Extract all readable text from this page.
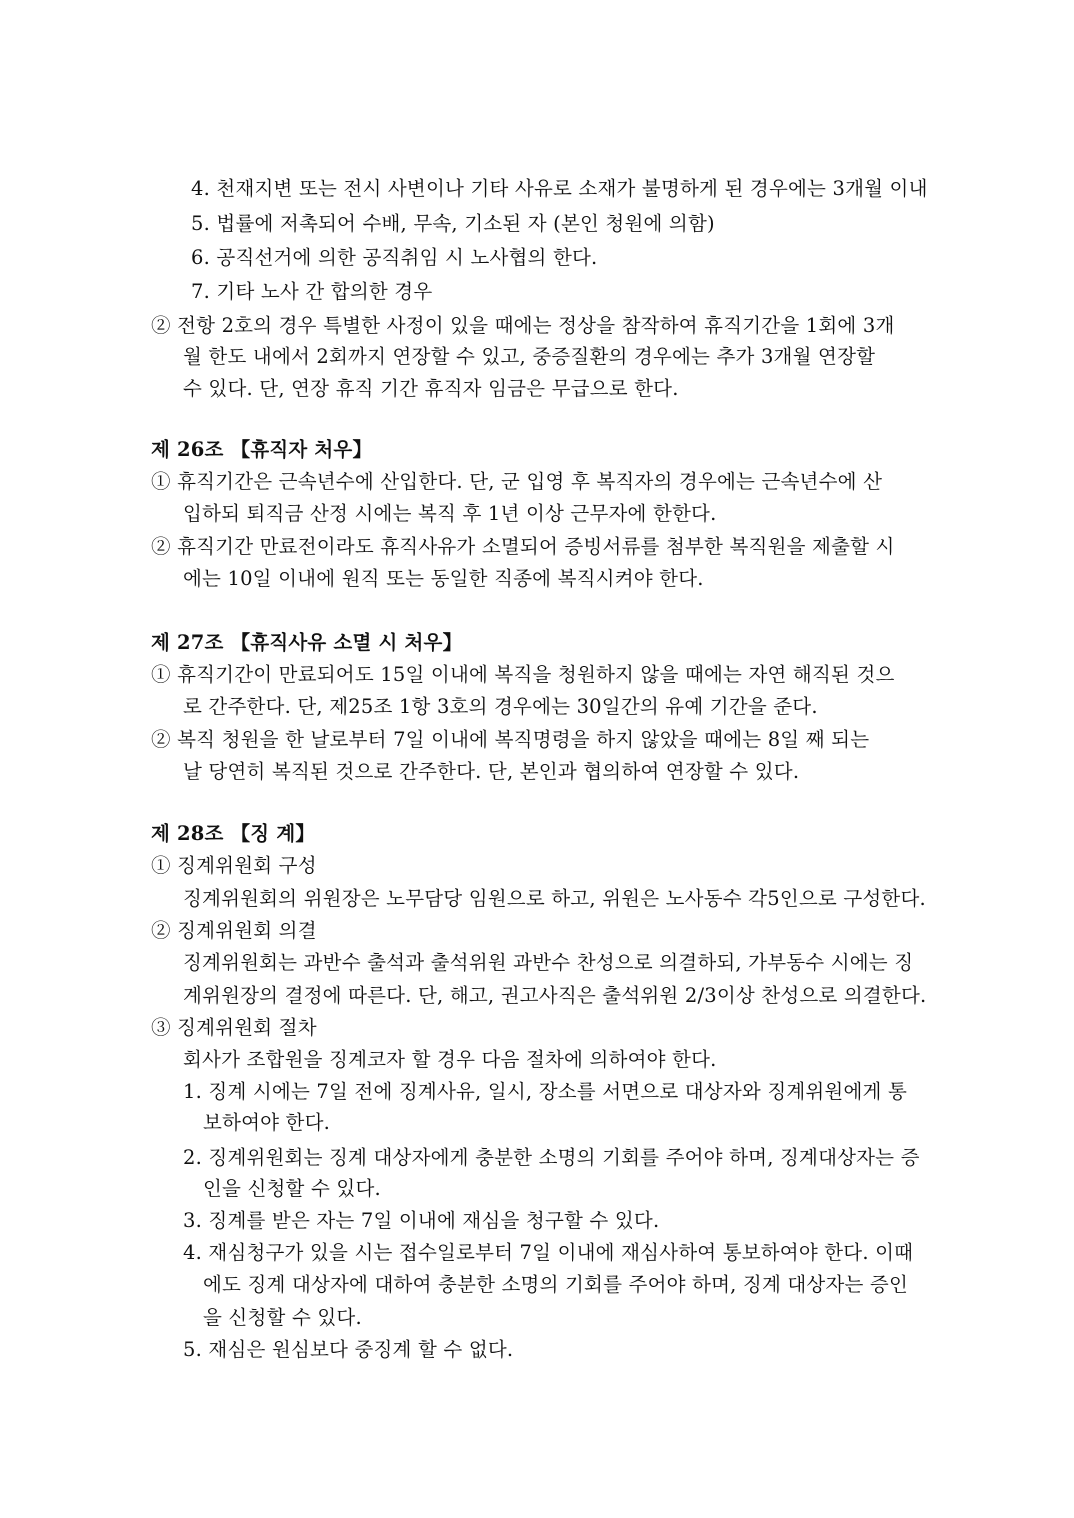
4. 천재지변 또는 전시 사변이나 기타 사유로 소재가 불명하게 된 경우에는 3개월 이내
5. 법률에 저촉되어 수배, 무속, 기소된 자 (본인 청원에 의함)
6. 공직선거에 의한 공직취임 시 노사협의 한다.
7. 기타 노사 간 합의한 경우
② 전항 2호의 경우 특별한 사정이 있을 때에는 정상을 참작하여 휴직기간을 1회에 3개
월 한도 내에서 2회까지 연장할 수 있고, 중증질환의 경우에는 추가 3개월 연장할
수 있다. 단, 연장 휴직 기간 휴직자 임금은 무급으로 한다.
제 26조 【휴직자 처우】
① 휴직기간은 근속년수에 산입한다. 단, 군 입영 후 복직자의 경우에는 근속년수에 산
입하되 퇴직금 산정 시에는 복직 후 1년 이상 근무자에 한한다.
② 휴직기간 만료전이라도 휴직사유가 소멸되어 증빙서류를 첨부한 복직원을 제출할 시
에는 10일 이내에 원직 또는 동일한 직종에 복직시켜야 한다.
제 27조 【휴직사유 소멸 시 처우】
① 휴직기간이 만료되어도 15일 이내에 복직을 청원하지 않을 때에는 자연 해직된 것으
로 간주한다. 단, 제25조 1항 3호의 경우에는 30일간의 유예 기간을 준다.
② 복직 청원을 한 날로부터 7일 이내에 복직명령을 하지 않았을 때에는 8일 째 되는
날 당연히 복직된 것으로 간주한다. 단, 본인과 협의하여 연장할 수 있다.
제 28조 【징 계】
① 징계위원회 구성
징계위원회의 위원장은 노무담당 임원으로 하고, 위원은 노사동수 각5인으로 구성한다.
② 징계위원회 의결
징계위원회는 과반수 출석과 출석위원 과반수 찬성으로 의결하되, 가부동수 시에는 징
계위원장의 결정에 따른다. 단, 해고, 권고사직은 출석위원 2/3이상 찬성으로 의결한다.
③ 징계위원회 절차
회사가 조합원을 징계코자 할 경우 다음 절차에 의하여야 한다.
1. 징계 시에는 7일 전에 징계사유, 일시, 장소를 서면으로 대상자와 징계위원에게 통
보하여야 한다.
2. 징계위원회는 징계 대상자에게 충분한 소명의 기회를 주어야 하며, 징계대상자는 증
인을 신청할 수 있다.
3. 징계를 받은 자는 7일 이내에 재심을 청구할 수 있다.
4. 재심청구가 있을 시는 접수일로부터 7일 이내에 재심사하여 통보하여야 한다. 이때
에도 징계 대상자에 대하여 충분한 소명의 기회를 주어야 하며, 징계 대상자는 증인
을 신청할 수 있다.
5. 재심은 원심보다 중징계 할 수 없다.
